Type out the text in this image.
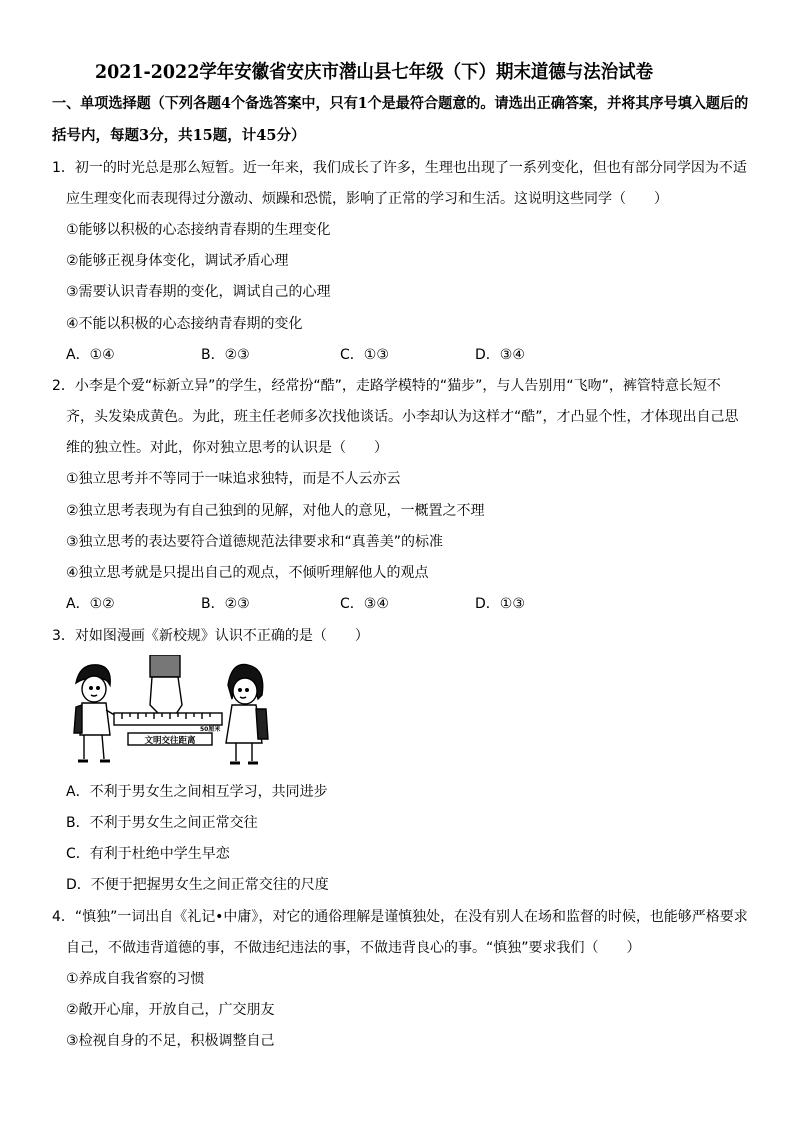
2021-2022学年安徽省安庆市潜山县七年级（下）期末道德与法治试卷
一、单项选择题（下列各题4个备选答案中，只有1个是最符合题意的。请选出正确答案，并将其序号填入题后的
括号内，每题3分，共15题，计45分）
1．初一的时光总是那么短暂。近一年来，我们成长了许多，生理也出现了一系列变化，但也有部分同学因为不适
应生理变化而表现得过分激动、烦躁和恐慌，影响了正常的学习和生活。这说明这些同学（　　）
①能够以积极的心态接纳青春期的生理变化
②能够正视身体变化，调试矛盾心理
③需要认识青春期的变化，调试自己的心理
④不能以积极的心态接纳青春期的变化
A．①④	B．②③	C．①③	D．③④
2．小李是个爱“标新立异”的学生，经常扮“酷”，走路学模特的“猫步”，与人告别用“飞吻”，裤管特意长短不
齐，头发染成黄色。为此，班主任老师多次找他谈话。小李却认为这样才“酷”，才凸显个性，才体现出自己思
维的独立性。对此，你对独立思考的认识是（　　）
①独立思考并不等同于一味追求独特，而是不人云亦云
②独立思考表现为有自己独到的见解，对他人的意见，一概置之不理
③独立思考的表达要符合道德规范法律要求和“真善美”的标准
④独立思考就是只提出自己的观点，不倾听理解他人的观点
A．①②	B．②③	C．③④	D．①③
3．对如图漫画《新校规》认识不正确的是（　　）
50厘米
文明交往距离
A．不利于男女生之间相互学习，共同进步
B．不利于男女生之间正常交往
C．有利于杜绝中学生早恋
D．不便于把握男女生之间正常交往的尺度
4．“慎独”一词出自《礼记•中庸》，对它的通俗理解是谨慎独处，在没有别人在场和监督的时候，也能够严格要求
自己，不做违背道德的事，不做违纪违法的事，不做违背良心的事。“慎独”要求我们（　　）
①养成自我省察的习惯
②敞开心扉，开放自己，广交朋友
③检视自身的不足，积极调整自己
